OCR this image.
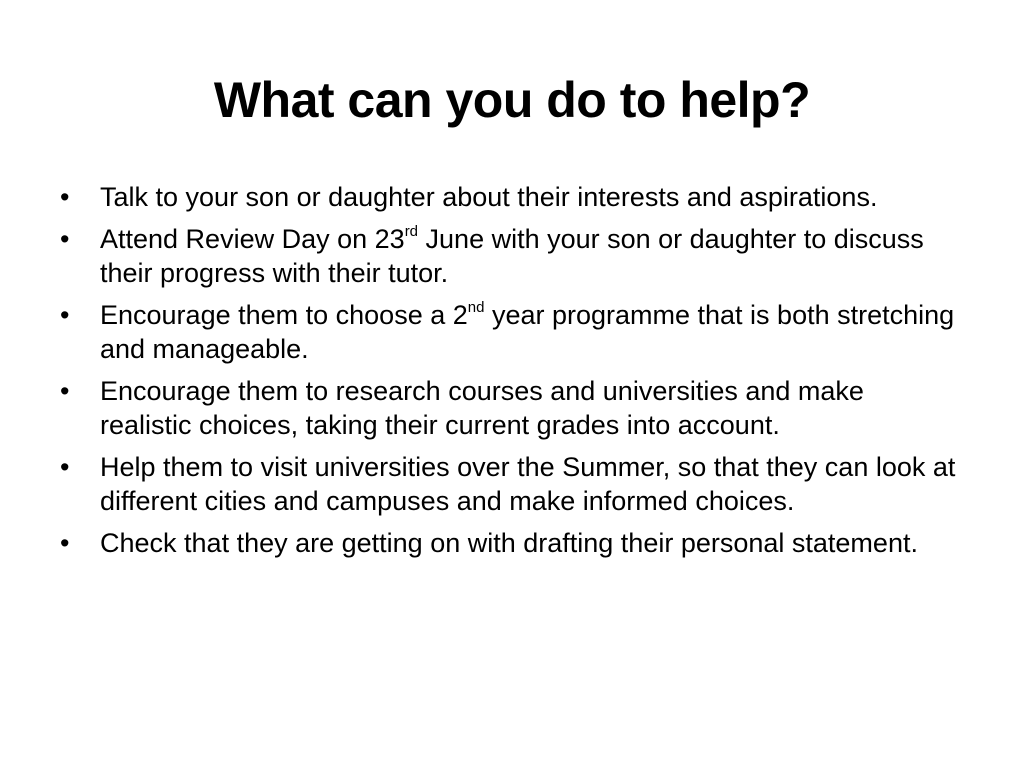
What can you do to help?
•	Talk to your son or daughter about their interests and aspirations.
•	Attend Review Day on 23rd June with your son or daughter to discuss their progress with their tutor.
•	Encourage them to choose a 2nd year programme that is both stretching and manageable.
•	Encourage them to research courses and universities and make realistic choices, taking their current grades into account.
•	Help them to visit universities over the Summer, so that they can look at different cities and campuses and make informed choices.
•	Check that they are getting on with drafting their personal statement.
